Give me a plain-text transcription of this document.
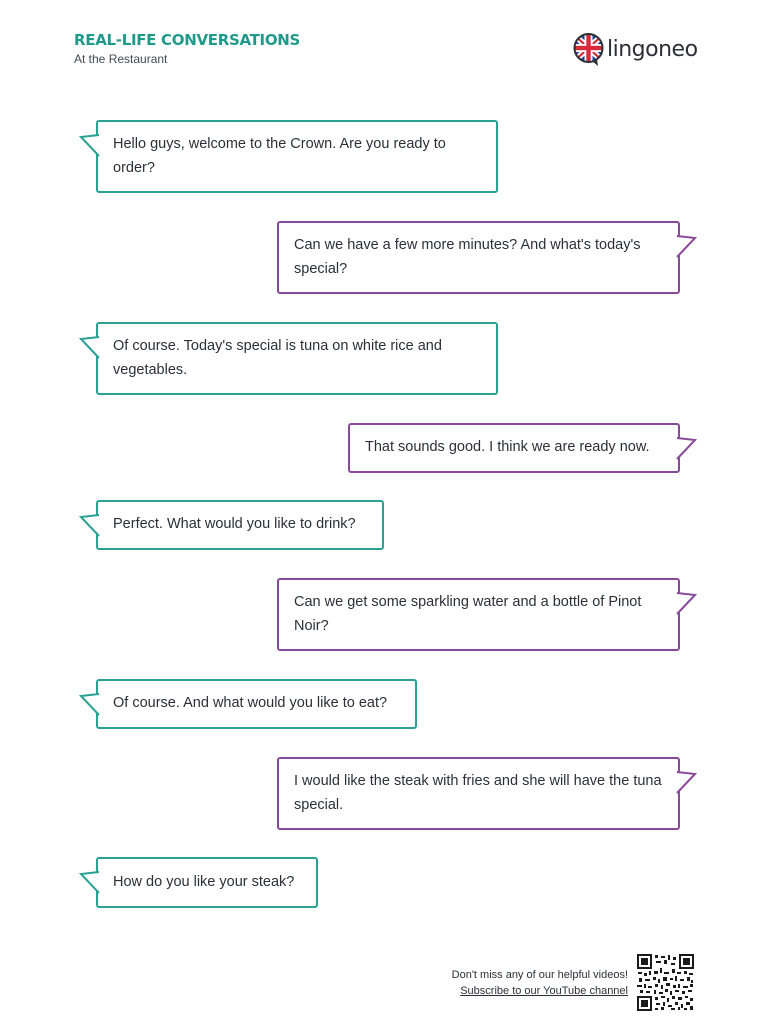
REAL-LIFE CONVERSATIONS
At the Restaurant	lingoneo
Hello guys, welcome to the Crown. Are you ready to order?
Can we have a few more minutes? And what's today's special?
Of course. Today's special is tuna on white rice and vegetables.
That sounds good. I think we are ready now.
Perfect. What would you like to drink?
Can we get some sparkling water and a bottle of Pinot Noir?
Of course. And what would you like to eat?
I would like the steak with fries and she will have the tuna special.
How do you like your steak?
Don't miss any of our helpful videos!
Subscribe to our YouTube channel
